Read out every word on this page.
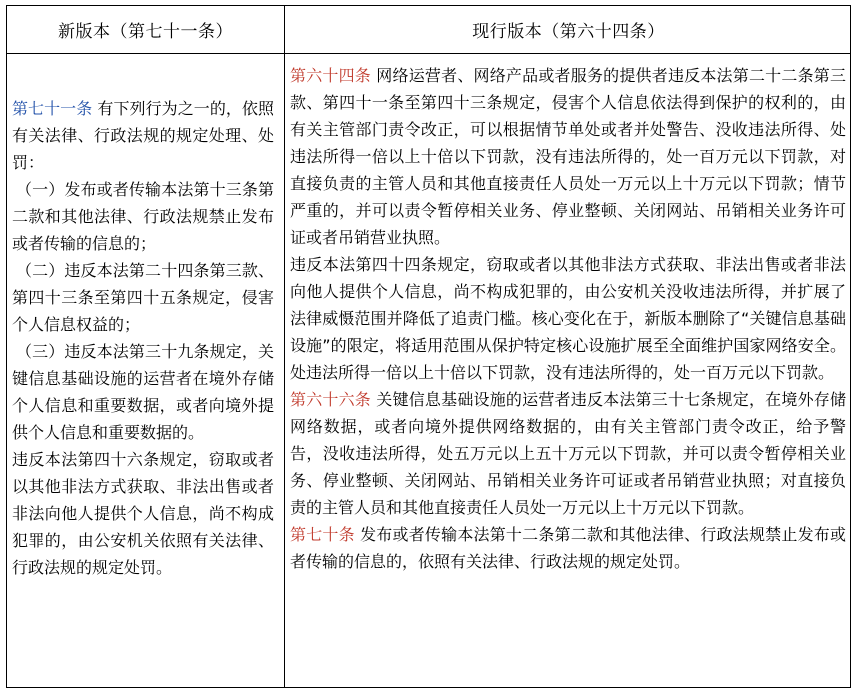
新版本（第七十一条）	现行版本（第六十四条）

第七十一条 有下列行为之一的，依照有关法律、行政法规的规定处理、处罚：

（一）发布或者传输本法第十三条第二款和其他法律、行政法规禁止发布或者传输的信息的；

（二）违反本法第二十四条第三款、第四十三条至第四十五条规定，侵害个人信息权益的；

（三）违反本法第三十九条规定，关键信息基础设施的运营者在境外存储个人信息和重要数据，或者向境外提供个人信息和重要数据的。

违反本法第四十六条规定，窃取或者以其他非法方式获取、非法出售或者非法向他人提供个人信息，尚不构成犯罪的，由公安机关依照有关法律、行政法规的规定处罚。

第六十四条 网络运营者、网络产品或者服务的提供者违反本法第二十二条第三款、第四十一条至第四十三条规定，侵害个人信息依法得到保护的权利的，由有关主管部门责令改正，可以根据情节单处或者并处警告、没收违法所得、处违法所得一倍以上十倍以下罚款，没有违法所得的，处一百万元以下罚款，对直接负责的主管人员和其他直接责任人员处一万元以上十万元以下罚款；情节严重的，并可以责令暂停相关业务、停业整顿、关闭网站、吊销相关业务许可证或者吊销营业执照。

违反本法第四十四条规定，窃取或者以其他非法方式获取、非法出售或者非法向他人提供个人信息，尚不构成犯罪的，由公安机关没收违法所得，并扩展了法律威慑范围并降低了追责门槛。核心变化在于，新版本删除了“关键信息基础设施”的限定，将适用范围从保护特定核心设施扩展至全面维护国家网络安全。处违法所得一倍以上十倍以下罚款，没有违法所得的，处一百万元以下罚款。

第六十六条 关键信息基础设施的运营者违反本法第三十七条规定，在境外存储网络数据，或者向境外提供网络数据的，由有关主管部门责令改正，给予警告，没收违法所得，处五万元以上五十万元以下罚款，并可以责令暂停相关业务、停业整顿、关闭网站、吊销相关业务许可证或者吊销营业执照；对直接负责的主管人员和其他直接责任人员处一万元以上十万元以下罚款。

第七十条 发布或者传输本法第十二条第二款和其他法律、行政法规禁止发布或者传输的信息的，依照有关法律、行政法规的规定处罚。
